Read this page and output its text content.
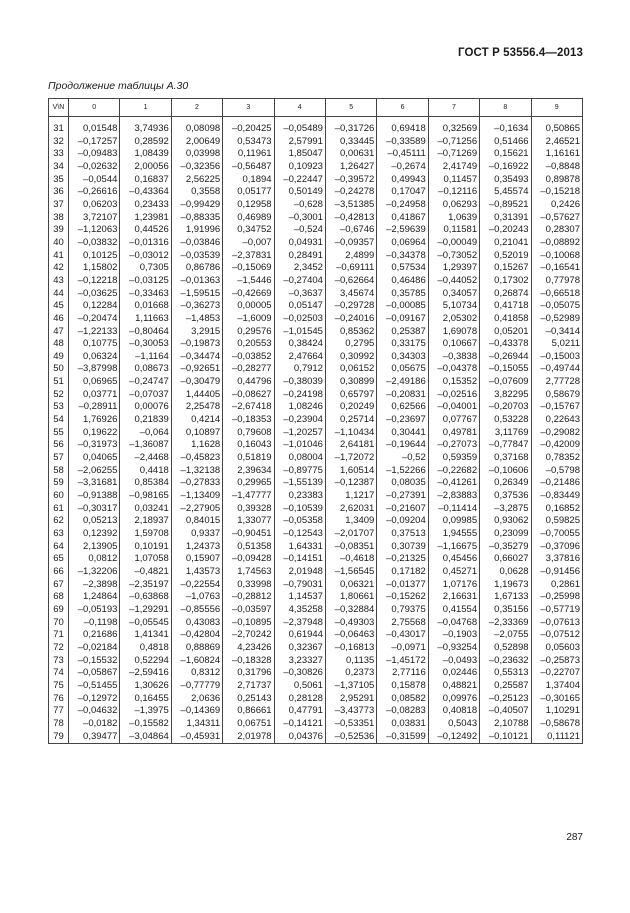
ГОСТ Р 53556.4—2013
Продолжение таблицы А.30
V\N	0	1	2	3	4	5	6	7	8	9

31	0,01548	3,74936	0,08098	–0,20425	–0,05489	–0,31726	0,69418	0,32569	–0,1634	0,50865
32	–0,17257	0,28592	2,00649	0,53473	2,57991	0,33445	–0,33589	–0,71256	0,51466	2,46521
33	–0,09483	1,08439	0,03998	0,11961	1,85047	0,00631	–0,45111	–0,71269	0,15621	1,16161
34	–0,02632	2,00056	–0,32356	–0,56487	0,10923	1,26427	–0,2674	2,41749	–0,16922	–0,8848
35	–0,0544	0,16837	2,56225	0,1894	–0,22447	–0,39572	0,49943	0,11457	0,35493	0,89878
36	–0,26616	–0,43364	0,3558	0,05177	0,50149	–0,24278	0,17047	–0,12116	5,45574	–0,15218
37	0,06203	0,23433	–0,99429	0,12958	–0,628	–3,51385	–0,24958	0,06293	–0,89521	0,2426
38	3,72107	1,23981	–0,88335	0,46989	–0,3001	–0,42813	0,41867	1,0639	0,31391	–0,57627
39	–1,12063	0,44526	1,91996	0,34752	–0,524	–0,6746	–2,59639	0,11581	–0,20243	0,28307
40	–0,03832	–0,01316	–0,03846	–0,007	0,04931	–0,09357	0,06964	–0,00049	0,21041	–0,08892
41	0,10125	–0,03012	–0,03539	–2,37831	0,28491	2,4899	–0,34378	–0,73052	0,52019	–0,10068
42	1,15802	0,7305	0,86786	–0,15069	2,3452	–0,69111	0,57534	1,29397	0,15267	–0,16541
43	–0,12218	–0,03125	–0,01363	–1,5446	–0,27404	–0,62664	0,46486	–0,44052	0,17302	0,77978
44	–0,03625	–0,33463	–1,59515	–0,42669	–0,3637	3,45674	0,35785	0,34057	0,26874	–0,66518
45	0,12284	0,01668	–0,36273	0,00005	0,05147	–0,29728	–0,00085	5,10734	0,41718	–0,05075
46	–0,20474	1,11663	–1,4853	–1,6009	–0,02503	–0,24016	–0,09167	2,05302	0,41858	–0,52989
47	–1,22133	–0,80464	3,2915	0,29576	–1,01545	0,85362	0,25387	1,69078	0,05201	–0,3414
48	0,10775	–0,30053	–0,19873	0,20553	0,38424	0,2795	0,33175	0,10667	–0,43378	5,0211
49	0,06324	–1,1164	–0,34474	–0,03852	2,47664	0,30992	0,34303	–0,3838	–0,26944	–0,15003
50	–3,87998	0,08673	–0,92651	–0,28277	0,7912	0,06152	0,05675	–0,04378	–0,15055	–0,49744
51	0,06965	–0,24747	–0,30479	0,44796	–0,38039	0,30899	–2,49186	0,15352	–0,07609	2,77728
52	0,03771	–0,07037	1,44405	–0,08627	–0,24198	0,65797	–0,20831	–0,02516	3,82295	0,58679
53	–0,28911	0,00076	2,25478	–2,67418	1,08246	0,20249	0,62566	–0,04001	–0,20703	–0,15767
54	1,76926	0,21839	0,4214	–0,18353	–0,23904	0,25714	–0,23697	0,07767	0,53228	0,22643
55	0,19622	–0,064	0,10897	0,79608	–1,20257	–1,10434	0,30441	0,49781	3,11769	–0,29082
56	–0,31973	–1,36087	1,1628	0,16043	–1,01046	2,64181	–0,19644	–0,27073	–0,77847	–0,42009
57	0,04065	–2,4468	–0,45823	0,51819	0,08004	–1,72072	–0,52	0,59359	0,37168	0,78352
58	–2,06255	0,4418	–1,32138	2,39634	–0,89775	1,60514	–1,52266	–0,22682	–0,10606	–0,5798
59	–3,31681	0,85384	–0,27833	0,29965	–1,55139	–0,12387	0,08035	–0,41261	0,26349	–0,21486
60	–0,91388	–0,98165	–1,13409	–1,47777	0,23383	1,1217	–0,27391	–2,83883	0,37536	–0,83449
61	–0,30317	0,03241	–2,27905	0,39328	–0,10539	2,62031	–0,21607	–0,11414	–3,2875	0,16852
62	0,05213	2,18937	0,84015	1,33077	–0,05358	1,3409	–0,09204	0,09985	0,93062	0,59825
63	0,12392	1,59708	0,9337	–0,90451	–0,12543	–2,01707	0,37513	1,94555	0,23099	–0,70055
64	2,13905	0,10191	1,24373	0,51358	1,64331	–0,08351	0,30739	–1,16675	–0,35279	–0,37096
65	0,0812	1,07058	0,15907	–0,09428	–0,14151	–0,4618	–0,21325	0,45456	0,66027	3,37816
66	–1,32206	–0,4821	1,43573	1,74563	2,01948	–1,56545	0,17182	0,45271	0,0628	–0,91456
67	–2,3898	–2,35197	–0,22554	0,33998	–0,79031	0,06321	–0,01377	1,07176	1,19673	0,2861
68	1,24864	–0,63868	–1,0763	–0,28812	1,14537	1,80661	–0,15262	2,16631	1,67133	–0,25998
69	–0,05193	–1,29291	–0,85556	–0,03597	4,35258	–0,32884	0,79375	0,41554	0,35156	–0,57719
70	–0,1198	–0,05545	0,43083	–0,10895	–2,37948	–0,49303	2,75568	–0,04768	–2,33369	–0,07613
71	0,21686	1,41341	–0,42804	–2,70242	0,61944	–0,06463	–0,43017	–0,1903	–2,0755	–0,07512
72	–0,02184	0,4818	0,88869	4,23426	0,32367	–0,16813	–0,0971	–0,93254	0,52898	0,05603
73	–0,15532	0,52294	–1,60824	–0,18328	3,23327	0,1135	–1,45172	–0,0493	–0,23632	–0,25873
74	–0,05867	–2,59416	0,8312	0,31796	–0,30826	0,2373	2,77116	0,02446	0,55313	–0,22707
75	–0,51455	1,30626	–0,77779	2,71737	0,5061	–1,37105	0,15878	0,48821	0,25587	1,37404
76	–0,12972	0,16455	2,0636	0,25143	0,28128	2,95291	0,08582	0,09976	–0,25123	–0,30165
77	–0,04632	–1,3975	–0,14369	0,86661	0,47791	–3,43773	–0,08283	0,40818	–0,40507	1,10291
78	–0,0182	–0,15582	1,34311	0,06751	–0,14121	–0,53351	0,03831	0,5043	2,10788	–0,58678
79	0,39477	–3,04864	–0,45931	2,01978	0,04376	–0,52536	–0,31599	–0,12492	–0,10121	0,11121
287
